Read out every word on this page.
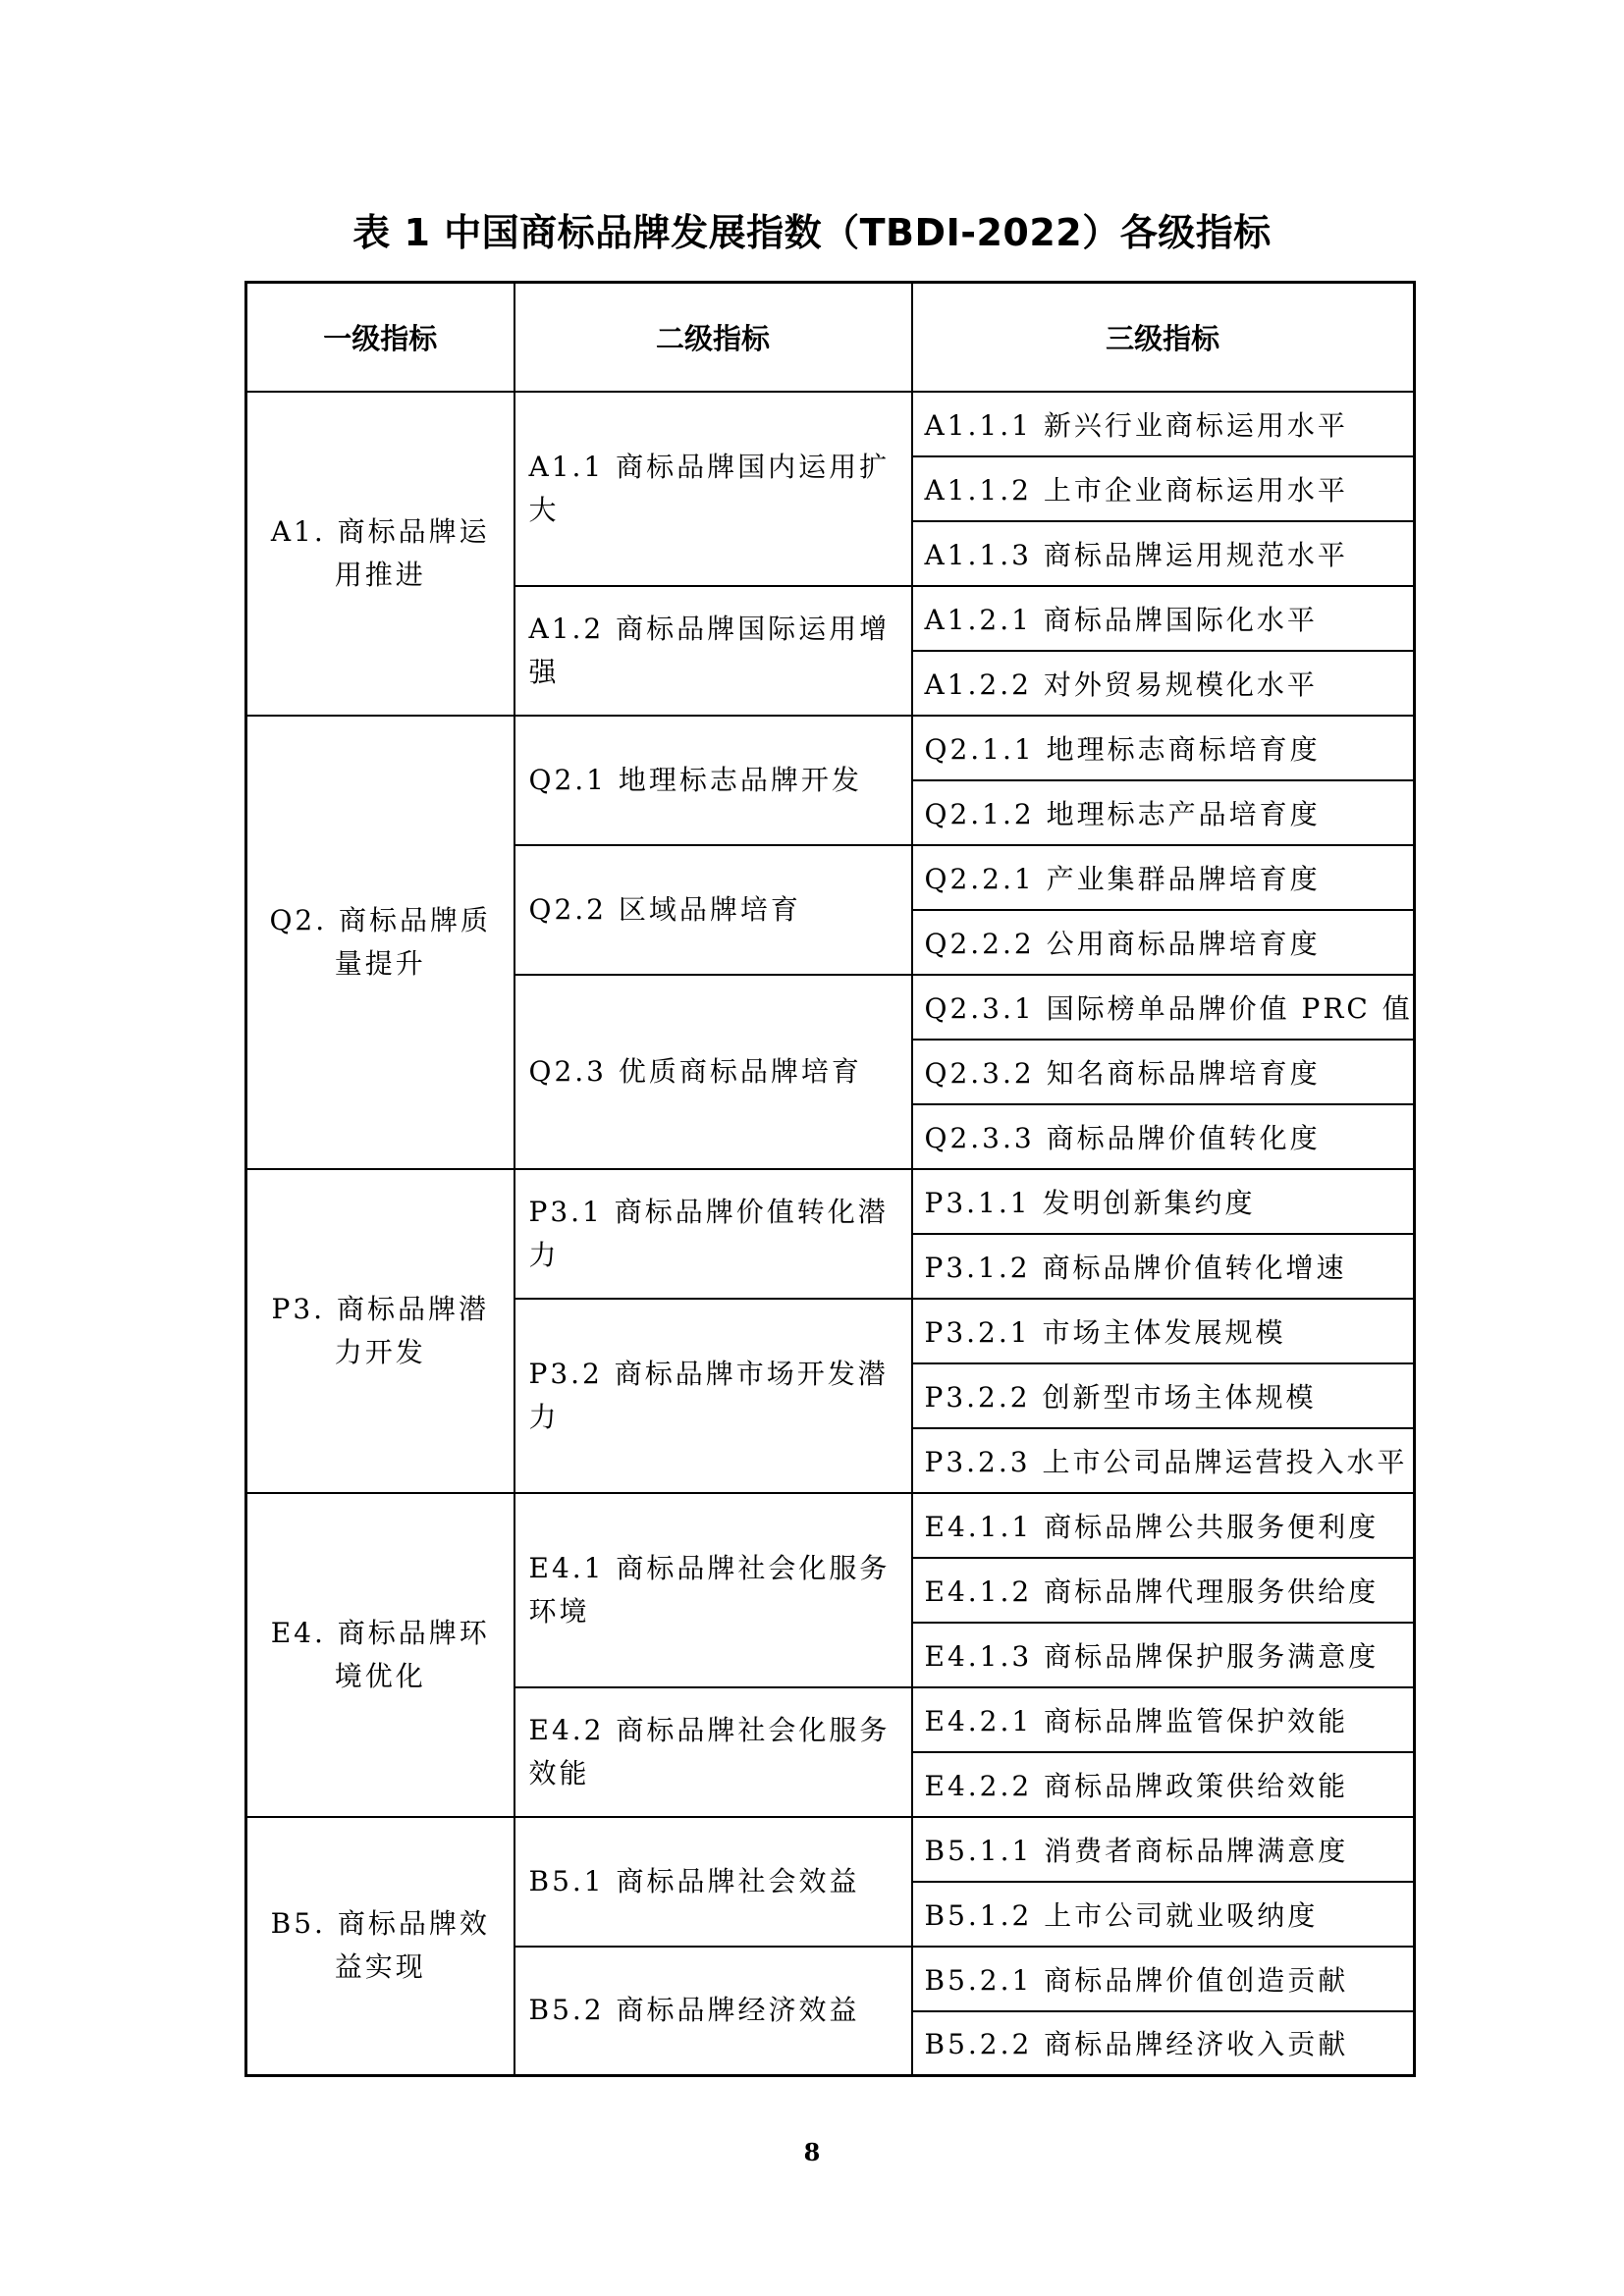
表 1 中国商标品牌发展指数（TBDI-2022）各级指标
一级指标	二级指标	三级指标
A1. 商标品牌运用推进	A1.1 商标品牌国内运用扩大	A1.1.1 新兴行业商标运用水平
		A1.1.2 上市企业商标运用水平
		A1.1.3 商标品牌运用规范水平
	A1.2 商标品牌国际运用增强	A1.2.1 商标品牌国际化水平
		A1.2.2 对外贸易规模化水平
Q2. 商标品牌质量提升	Q2.1 地理标志品牌开发	Q2.1.1 地理标志商标培育度
		Q2.1.2 地理标志产品培育度
	Q2.2 区域品牌培育	Q2.2.1 产业集群品牌培育度
		Q2.2.2 公用商标品牌培育度
	Q2.3 优质商标品牌培育	Q2.3.1 国际榜单品牌价值 PRC 值
		Q2.3.2 知名商标品牌培育度
		Q2.3.3 商标品牌价值转化度
P3. 商标品牌潜力开发	P3.1 商标品牌价值转化潜力	P3.1.1 发明创新集约度
		P3.1.2 商标品牌价值转化增速
	P3.2 商标品牌市场开发潜力	P3.2.1 市场主体发展规模
		P3.2.2 创新型市场主体规模
		P3.2.3 上市公司品牌运营投入水平
E4. 商标品牌环境优化	E4.1 商标品牌社会化服务环境	E4.1.1 商标品牌公共服务便利度
		E4.1.2 商标品牌代理服务供给度
		E4.1.3 商标品牌保护服务满意度
	E4.2 商标品牌社会化服务效能	E4.2.1 商标品牌监管保护效能
		E4.2.2 商标品牌政策供给效能
B5. 商标品牌效益实现	B5.1 商标品牌社会效益	B5.1.1 消费者商标品牌满意度
		B5.1.2 上市公司就业吸纳度
	B5.2 商标品牌经济效益	B5.2.1 商标品牌价值创造贡献
		B5.2.2 商标品牌经济收入贡献

8
